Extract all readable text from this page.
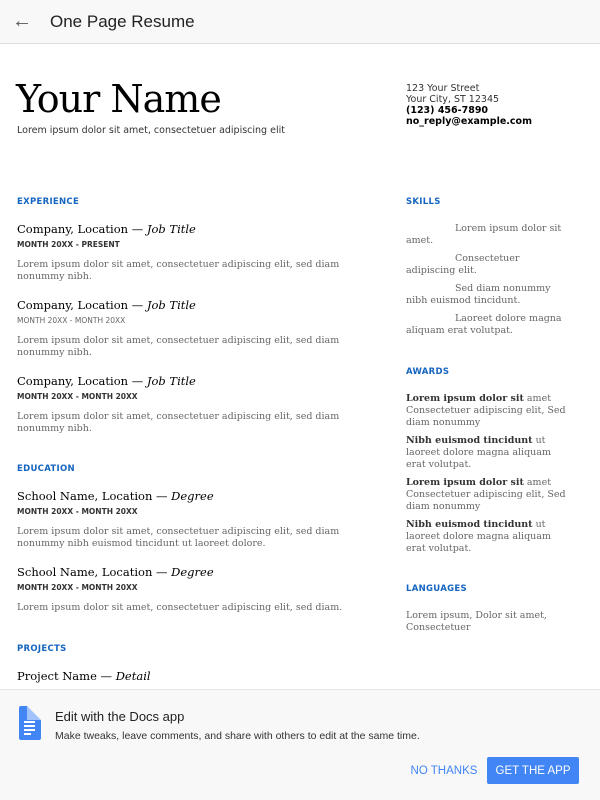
←	One Page Resume
Your Name
Lorem ipsum dolor sit amet, consectetuer adipiscing elit
123 Your Street
Your City, ST 12345
(123) 456-7890
no_reply@example.com
EXPERIENCE
EDUCATION
PROJECTS
SKILLS

Lorem ipsum dolor sit amet.

Consectetuer adipiscing elit.

Sed diam nonummy nibh euismod tincidunt.

Laoreet dolore magna aliquam erat volutpat.

AWARDS

Lorem ipsum dolor sit amet Consectetuer adipiscing elit, Sed diam nonummy

Nibh euismod tincidunt ut laoreet dolore magna aliquam erat volutpat.

Lorem ipsum dolor sit amet Consectetuer adipiscing elit, Sed diam nonummy

Nibh euismod tincidunt ut laoreet dolore magna aliquam erat volutpat.

LANGUAGES
Lorem ipsum, Dolor sit amet, Consectetuer
Company, Location — Job Title
MONTH 20XX - PRESENT
Lorem ipsum dolor sit amet, consectetuer adipiscing elit, sed diam nonummy nibh.
Company, Location — Job Title
MONTH 20XX - MONTH 20XX
Lorem ipsum dolor sit amet, consectetuer adipiscing elit, sed diam nonummy nibh.
Company, Location — Job Title
MONTH 20XX - MONTH 20XX
Lorem ipsum dolor sit amet, consectetuer adipiscing elit, sed diam nonummy nibh.
School Name, Location — Degree
MONTH 20XX - MONTH 20XX
Lorem ipsum dolor sit amet, consectetuer adipiscing elit, sed diam nonummy nibh euismod tincidunt ut laoreet dolore.
School Name, Location — Degree
MONTH 20XX - MONTH 20XX
Lorem ipsum dolor sit amet, consectetuer adipiscing elit, sed diam.
Project Name — Detail
Edit with the Docs app
Make tweaks, leave comments, and share with others to edit at the same time.
NO THANKS	GET THE APP
